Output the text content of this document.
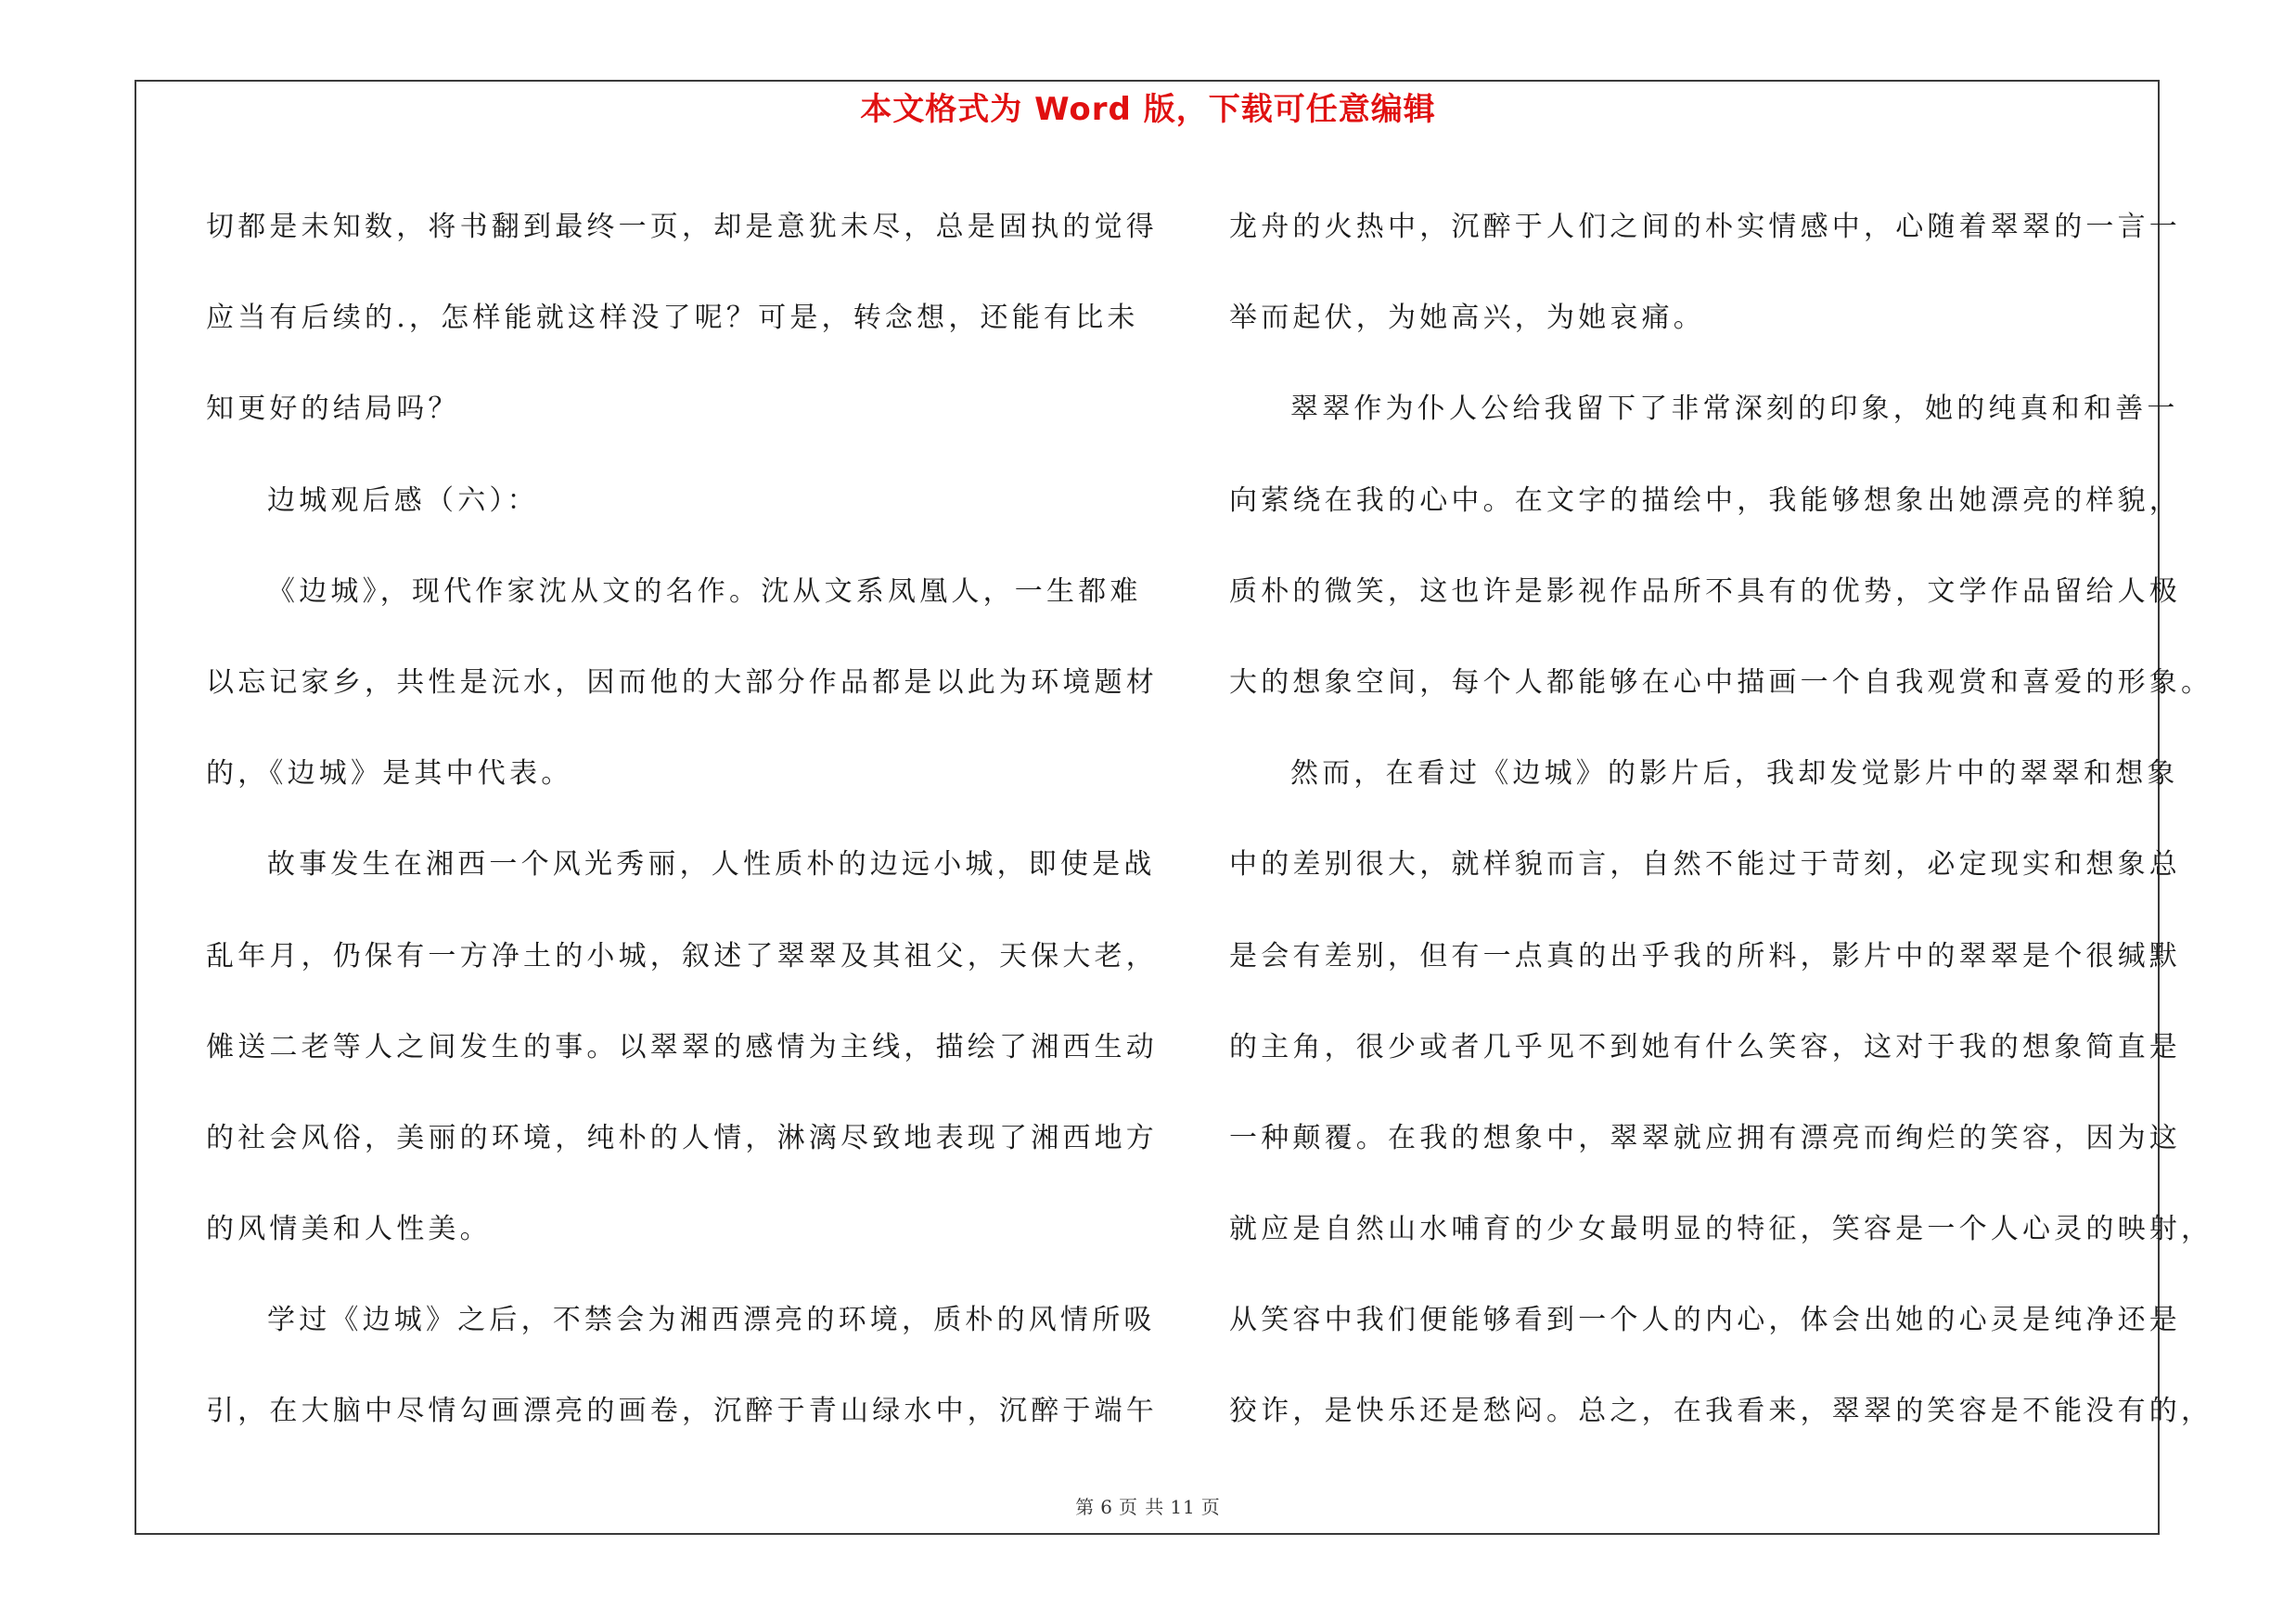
本文格式为 Word 版，下载可任意编辑
切都是未知数，将书翻到最终一页，却是意犹未尽，总是固执的觉得
应当有后续的.，怎样能就这样没了呢？可是，转念想，还能有比未
知更好的结局吗？
边城观后感（六）：
《边城》，现代作家沈从文的名作。沈从文系凤凰人，一生都难
以忘记家乡，共性是沅水，因而他的大部分作品都是以此为环境题材
的，《边城》是其中代表。
故事发生在湘西一个风光秀丽，人性质朴的边远小城，即使是战
乱年月，仍保有一方净土的小城，叙述了翠翠及其祖父，天保大老，
傩送二老等人之间发生的事。以翠翠的感情为主线，描绘了湘西生动
的社会风俗，美丽的环境，纯朴的人情，淋漓尽致地表现了湘西地方
的风情美和人性美。
学过《边城》之后，不禁会为湘西漂亮的环境，质朴的风情所吸
引，在大脑中尽情勾画漂亮的画卷，沉醉于青山绿水中，沉醉于端午
龙舟的火热中，沉醉于人们之间的朴实情感中，心随着翠翠的一言一
举而起伏，为她高兴，为她哀痛。
翠翠作为仆人公给我留下了非常深刻的印象，她的纯真和和善一
向萦绕在我的心中。在文字的描绘中，我能够想象出她漂亮的样貌，
质朴的微笑，这也许是影视作品所不具有的优势，文学作品留给人极
大的想象空间，每个人都能够在心中描画一个自我观赏和喜爱的形象。
然而，在看过《边城》的影片后，我却发觉影片中的翠翠和想象
中的差别很大，就样貌而言，自然不能过于苛刻，必定现实和想象总
是会有差别，但有一点真的出乎我的所料，影片中的翠翠是个很缄默
的主角，很少或者几乎见不到她有什么笑容，这对于我的想象简直是
一种颠覆。在我的想象中，翠翠就应拥有漂亮而绚烂的笑容，因为这
就应是自然山水哺育的少女最明显的特征，笑容是一个人心灵的映射，
从笑容中我们便能够看到一个人的内心，体会出她的心灵是纯净还是
狡诈，是快乐还是愁闷。总之，在我看来，翠翠的笑容是不能没有的，
第 6 页 共 11 页
